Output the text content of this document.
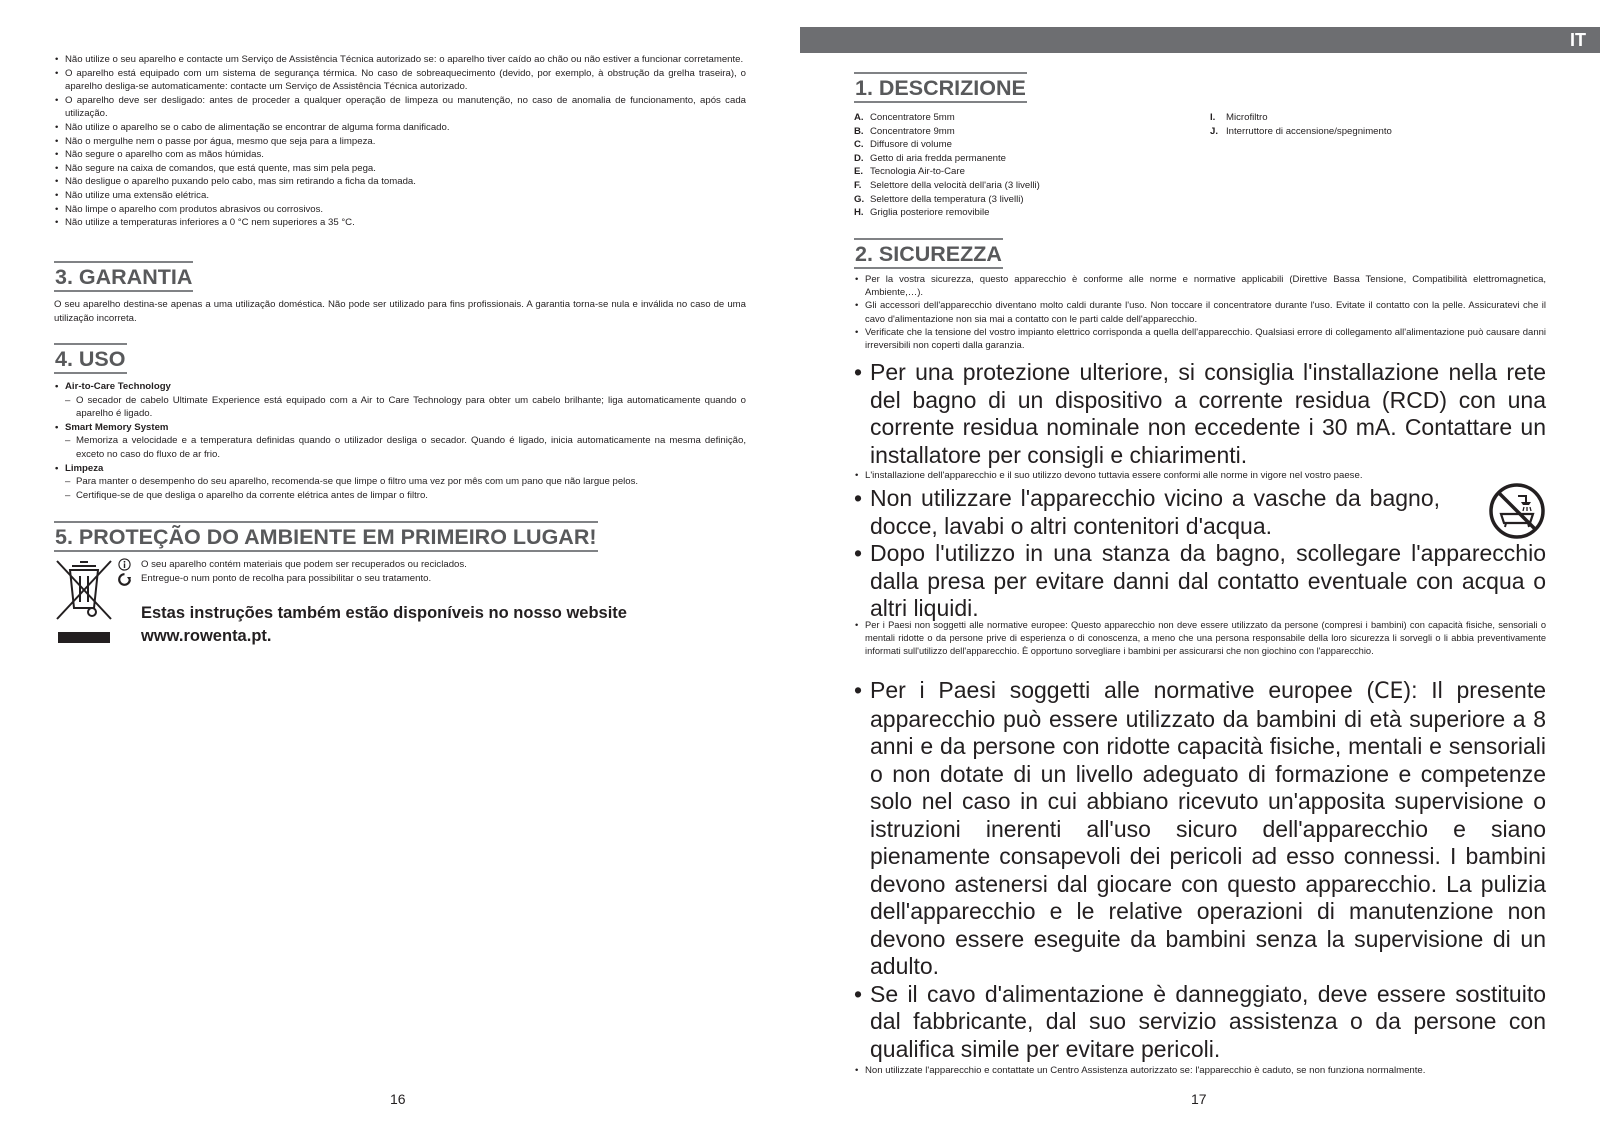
• Não utilize o seu aparelho e contacte um Serviço de Assistência Técnica autorizado se: o aparelho tiver caído ao chão ou não estiver a funcionar corretamente.
• O aparelho está equipado com um sistema de segurança térmica. No caso de sobreaquecimento (devido, por exemplo, à obstrução da grelha traseira), o aparelho desliga-se automaticamente: contacte um Serviço de Assistência Técnica autorizado.
• O aparelho deve ser desligado: antes de proceder a qualquer operação de limpeza ou manutenção, no caso de anomalia de funcionamento, após cada utilização.
• Não utilize o aparelho se o cabo de alimentação se encontrar de alguma forma danificado.
• Não o mergulhe nem o passe por água, mesmo que seja para a limpeza.
• Não segure o aparelho com as mãos húmidas.
• Não segure na caixa de comandos, que está quente, mas sim pela pega.
• Não desligue o aparelho puxando pelo cabo, mas sim retirando a ficha da tomada.
• Não utilize uma extensão elétrica.
• Não limpe o aparelho com produtos abrasivos ou corrosivos.
• Não utilize a temperaturas inferiores a 0 °C nem superiores a 35 °C.
3. GARANTIA

O seu aparelho destina-se apenas a uma utilização doméstica. Não pode ser utilizado para fins profissionais. A garantia torna-se nula e inválida no caso de uma utilização incorreta.

4. USO
• Air-to-Care Technology
– O secador de cabelo Ultimate Experience está equipado com a Air to Care Technology para obter um cabelo brilhante; liga automaticamente quando o aparelho é ligado.
• Smart Memory System
– Memoriza a velocidade e a temperatura definidas quando o utilizador desliga o secador. Quando é ligado, inicia automaticamente na mesma definição, exceto no caso do fluxo de ar frio.
• Limpeza
– Para manter o desempenho do seu aparelho, recomenda-se que limpe o filtro uma vez por mês com um pano que não largue pelos.
– Certifique-se de que desliga o aparelho da corrente elétrica antes de limpar o filtro.
5. PROTEÇÃO DO AMBIENTE EM PRIMEIRO LUGAR!
O seu aparelho contém materiais que podem ser recuperados ou reciclados.
Entregue-o num ponto de recolha para possibilitar o seu tratamento.
Estas instruções também estão disponíveis no nosso website
www.rowenta.pt.
16
IT
1. DESCRIZIONE
A. Concentratore 5mm
B. Concentratore 9mm
C. Diffusore di volume
D. Getto di aria fredda permanente
E. Tecnologia Air-to-Care
F. Selettore della velocità dell'aria (3 livelli)
G. Selettore della temperatura (3 livelli)
H. Griglia posteriore removibile
I. Microfiltro
J. Interruttore di accensione/spegnimento
2. SICUREZZA
• Per la vostra sicurezza, questo apparecchio è conforme alle norme e normative applicabili (Direttive Bassa Tensione, Compatibilità elettromagnetica, Ambiente,…).
• Gli accessori dell'apparecchio diventano molto caldi durante l'uso. Non toccare il concentratore durante l'uso. Evitate il contatto con la pelle. Assicuratevi che il cavo d'alimentazione non sia mai a contatto con le parti calde dell'apparecchio.
• Verificate che la tensione del vostro impianto elettrico corrisponda a quella dell'apparecchio. Qualsiasi errore di collegamento all'alimentazione può causare danni irreversibili non coperti dalla garanzia.
• Per una protezione ulteriore, si consiglia l'installazione nella rete del bagno di un dispositivo a corrente residua (RCD) con una corrente residua nominale non eccedente i 30 mA. Contattare un installatore per consigli e chiarimenti.
• L'installazione dell'apparecchio e il suo utilizzo devono tuttavia essere conformi alle norme in vigore nel vostro paese.
• Non utilizzare l'apparecchio vicino a vasche da bagno, docce, lavabi o altri contenitori d'acqua.
• Dopo l'utilizzo in una stanza da bagno, scollegare l'apparecchio dalla presa per evitare danni dal contatto eventuale con acqua o altri liquidi.
• Per i Paesi non soggetti alle normative europee: Questo apparecchio non deve essere utilizzato da persone (compresi i bambini) con capacità fisiche, sensoriali o mentali ridotte o da persone prive di esperienza o di conoscenza, a meno che una persona responsabile della loro sicurezza li sorvegli o li abbia preventivamente informati sull'utilizzo dell'apparecchio. È opportuno sorvegliare i bambini per assicurarsi che non giochino con l'apparecchio.
• Per i Paesi soggetti alle normative europee (CE): Il presente apparecchio può essere utilizzato da bambini di età superiore a 8 anni e da persone con ridotte capacità fisiche, mentali e sensoriali o non dotate di un livello adeguato di formazione e competenze solo nel caso in cui abbiano ricevuto un'apposita supervisione o istruzioni inerenti all'uso sicuro dell'apparecchio e siano pienamente consapevoli dei pericoli ad esso connessi. I bambini devono astenersi dal giocare con questo apparecchio. La pulizia dell'apparecchio e le relative operazioni di manutenzione non devono essere eseguite da bambini senza la supervisione di un adulto.
• Se il cavo d'alimentazione è danneggiato, deve essere sostituito dal fabbricante, dal suo servizio assistenza o da persone con qualifica simile per evitare pericoli.
• Non utilizzate l'apparecchio e contattate un Centro Assistenza autorizzato se: l'apparecchio è caduto, se non funziona normalmente.
17
